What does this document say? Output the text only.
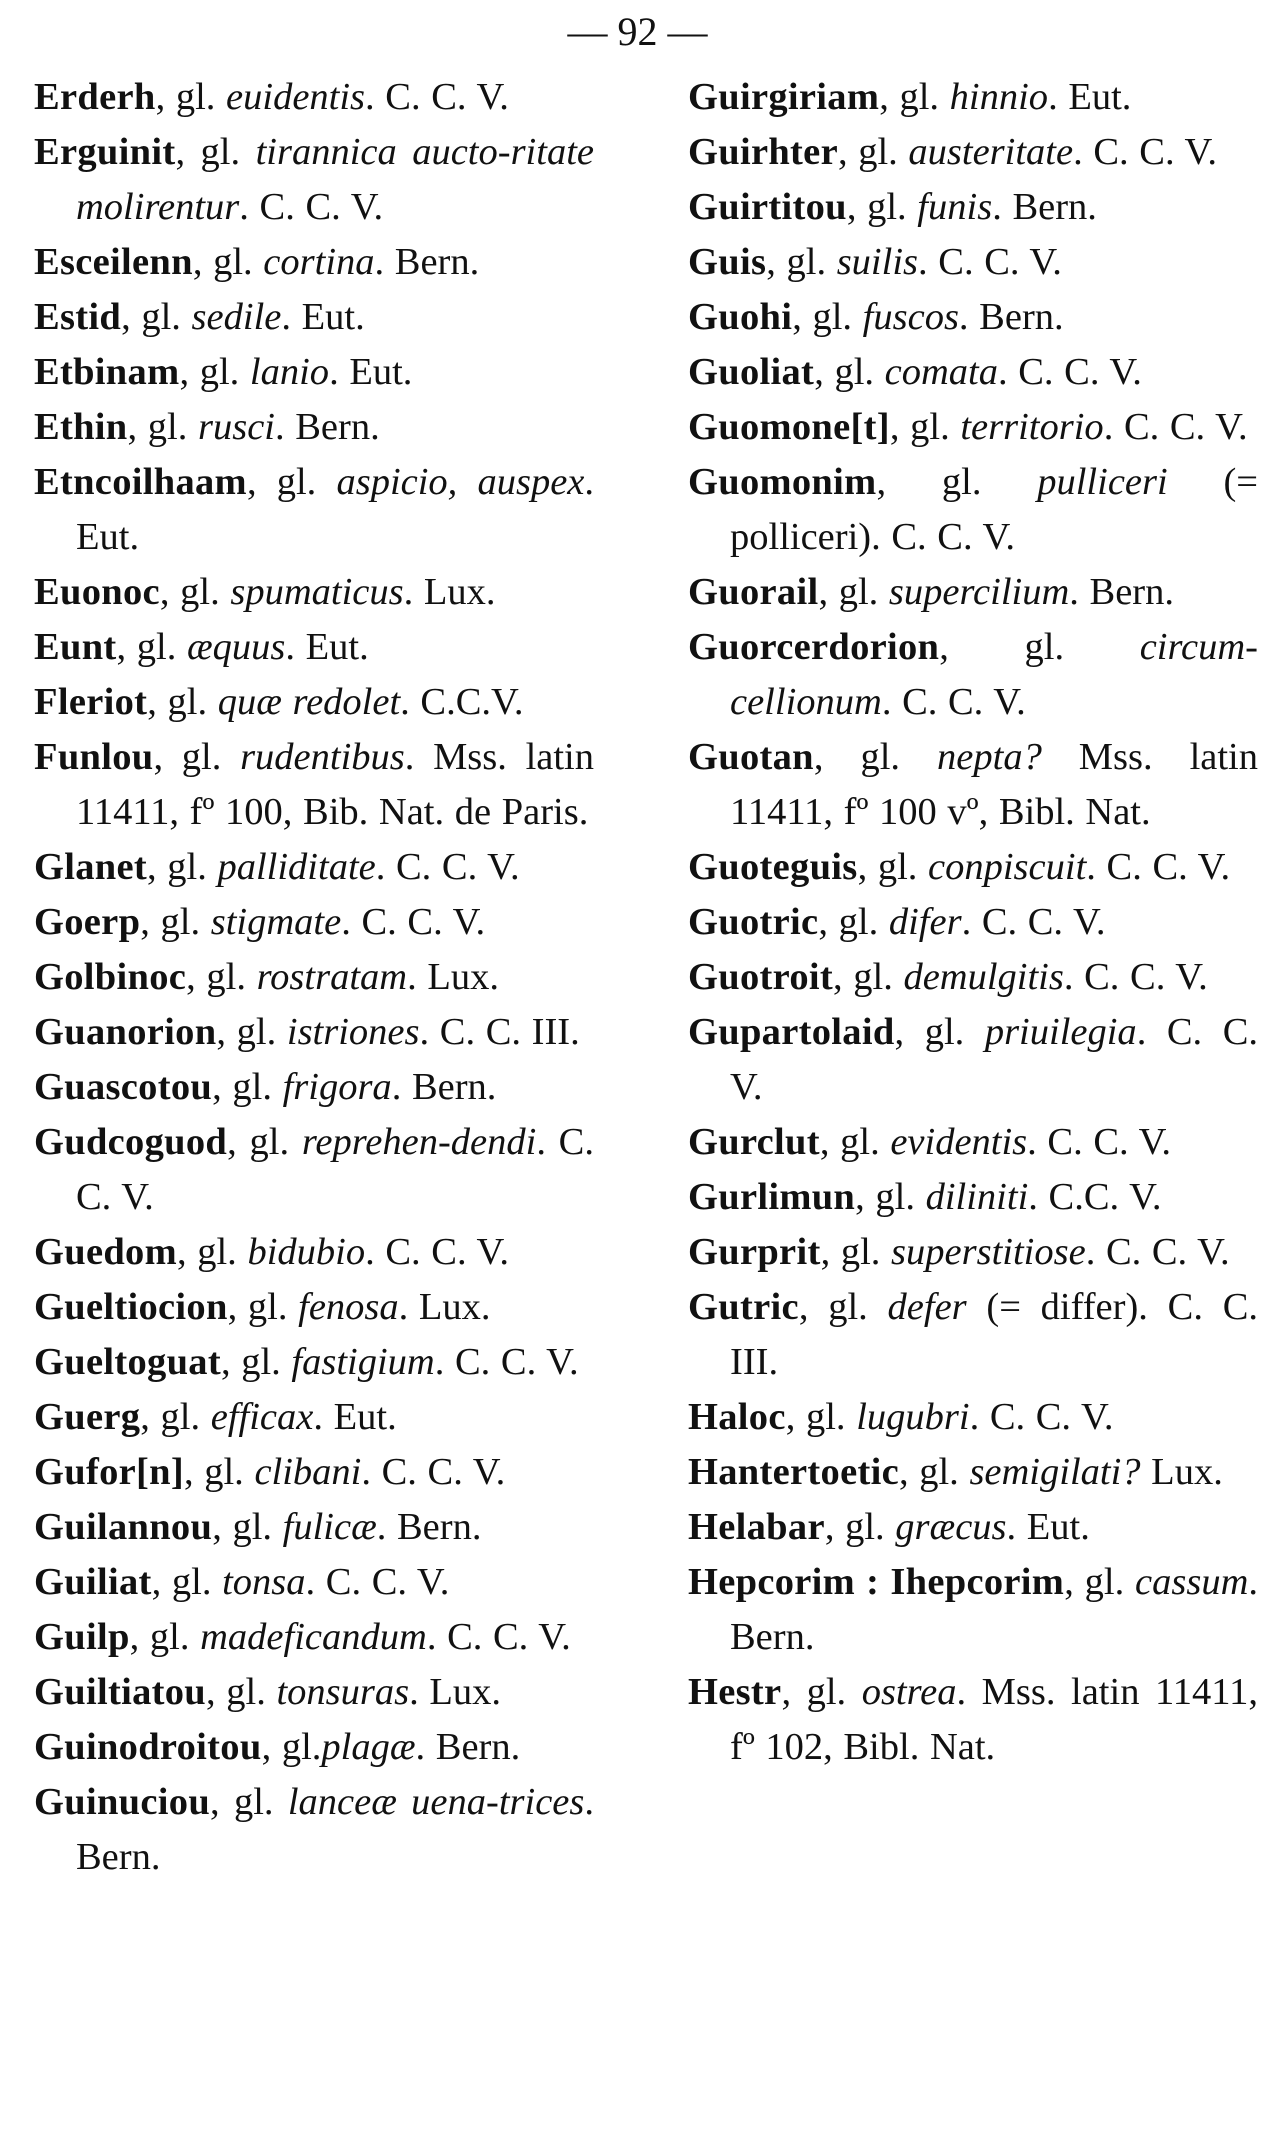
— 92 —
Erderh, gl. euidentis. C. C. V.
Erguinit, gl. tirannica aucto-ritate molirentur. C. C. V.
Esceilenn, gl. cortina. Bern.
Estid, gl. sedile. Eut.
Etbinam, gl. lanio. Eut.
Ethin, gl. rusci. Bern.
Etncoilhaam, gl. aspicio, auspex. Eut.
Euonoc, gl. spumaticus. Lux.
Eunt, gl. æquus. Eut.
Fleriot, gl. quæ redolet. C.C.V.
Funlou, gl. rudentibus. Mss. latin 11411, fº 100, Bib. Nat. de Paris.
Glanet, gl. palliditate. C. C. V.
Goerp, gl. stigmate. C. C. V.
Golbinoc, gl. rostratam. Lux.
Guanorion, gl. istriones. C. C. III.
Guascotou, gl. frigora. Bern.
Gudcoguod, gl. reprehen-dendi. C. C. V.
Guedom, gl. bidubio. C. C. V.
Gueltiocion, gl. fenosa. Lux.
Gueltoguat, gl. fastigium. C. C. V.
Guerg, gl. efficax. Eut.
Gufor[n], gl. clibani. C. C. V.
Guilannou, gl. fulicæ. Bern.
Guiliat, gl. tonsa. C. C. V.
Guilp, gl. madeficandum. C. C. V.
Guiltiatou, gl. tonsuras. Lux.
Guinodroitou, gl.plagæ. Bern.
Guinuciou, gl. lanceæ uena-trices. Bern.
Guirgiriam, gl. hinnio. Eut.
Guirhter, gl. austeritate. C. C. V.
Guirtitou, gl. funis. Bern.
Guis, gl. suilis. C. C. V.
Guohi, gl. fuscos. Bern.
Guoliat, gl. comata. C. C. V.
Guomone[t], gl. territorio. C. C. V.
Guomonim, gl. pulliceri (= polliceri). C. C. V.
Guorail, gl. supercilium. Bern.
Guorcerdorion, gl. circum-cellionum. C. C. V.
Guotan, gl. nepta? Mss. latin 11411, fº 100 vº, Bibl. Nat.
Guoteguis, gl. conpiscuit. C. C. V.
Guotric, gl. difer. C. C. V.
Guotroit, gl. demulgitis. C. C. V.
Gupartolaid, gl. priuilegia. C. C. V.
Gurclut, gl. evidentis. C. C. V.
Gurlimun, gl. diliniti. C.C. V.
Gurprit, gl. superstitiose. C. C. V.
Gutric, gl. defer (= differ). C. C. III.
Haloc, gl. lugubri. C. C. V.
Hantertoetic, gl. semigilati? Lux.
Helabar, gl. græcus. Eut.
Hepcorim : Ihepcorim, gl. cassum. Bern.
Hestr, gl. ostrea. Mss. latin 11411, fº 102, Bibl. Nat.
